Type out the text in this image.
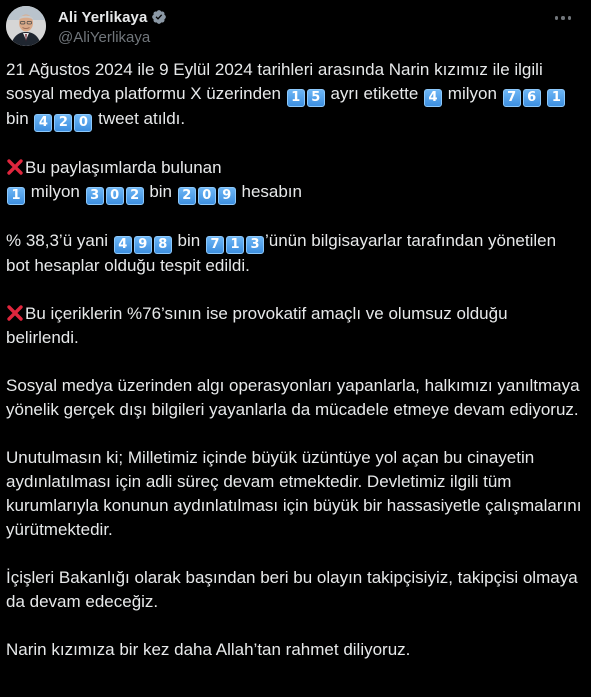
Ali Yerlikaya
@AliYerlikaya

21 Ağustos 2024 ile 9 Eylül 2024 tarihleri arasında Narin kızımız ile ilgili sosyal medya platformu X üzerinden 1 5 ayrı etikette 4 milyon 7 6 1 bin 4 2 0 tweet atıldı.

Bu paylaşımlarda bulunan
1 milyon 3 0 2 bin 2 0 9 hesabın

% 38,3’ü yani 4 9 8 bin 7 1 3 ’ünün bilgisayarlar tarafından yönetilen bot hesaplar olduğu tespit edildi.

Bu içeriklerin %76’sının ise provokatif amaçlı ve olumsuz olduğu belirlendi.

Sosyal medya üzerinden algı operasyonları yapanlarla, halkımızı yanıltmaya yönelik gerçek dışı bilgileri yayanlarla da mücadele etmeye devam ediyoruz.

Unutulmasın ki; Milletimiz içinde büyük üzüntüye yol açan bu cinayetin aydınlatılması için adli süreç devam etmektedir. Devletimiz ilgili tüm kurumlarıyla konunun aydınlatılması için büyük bir hassasiyetle çalışmalarını yürütmektedir.

İçişleri Bakanlığı olarak başından beri bu olayın takipçisiyiz, takipçisi olmaya da devam edeceğiz.

Narin kızımıza bir kez daha Allah’tan rahmet diliyoruz.
